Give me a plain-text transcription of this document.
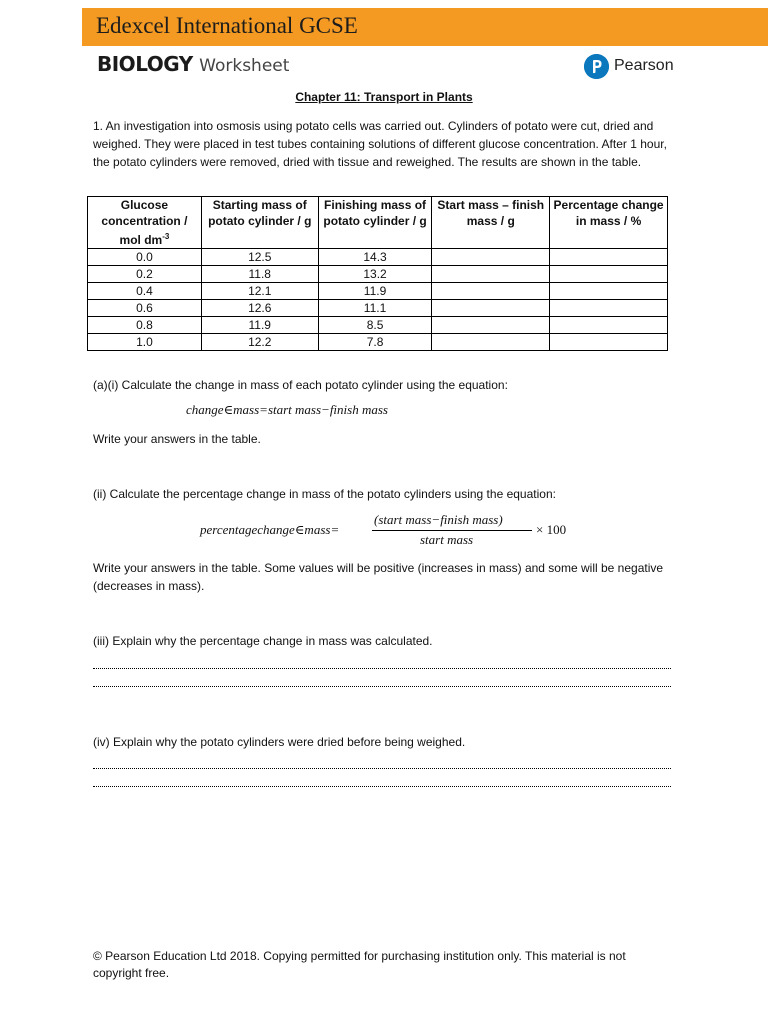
Edexcel International GCSE
BIOLOGY Worksheet	Pearson
Chapter 11: Transport in Plants
1. An investigation into osmosis using potato cells was carried out. Cylinders of potato were cut, dried and weighed. They were placed in test tubes containing solutions of different glucose concentration. After 1 hour, the potato cylinders were removed, dried with tissue and reweighed. The results are shown in the table.
Glucose
concentration /
mol $dm^{-3}$	Starting mass of potato cylinder / g	Finishing mass of potato cylinder / g	Start mass – finish mass / g	Percentage change in mass / %
0.0	12.5	14.3		
0.2	11.8	13.2		
0.4	12.1	11.9		
0.6	12.6	11.1		
0.8	11.9	8.5		
1.0	12.2	7.8		
(a)(i) Calculate the change in mass of each potato cylinder using the equation:
change∈mass=start mass−finish mass
Write your answers in the table.
(ii) Calculate the percentage change in mass of the potato cylinders using the equation:
percentagechange∈mass=
(start mass−finish mass)
start mass
× 100
Write your answers in the table. Some values will be positive (increases in mass) and some will be negative (decreases in mass).
(iii) Explain why the percentage change in mass was calculated.
(iv) Explain why the potato cylinders were dried before being weighed.
© Pearson Education Ltd 2018. Copying permitted for purchasing institution only. This material is not copyright free.
